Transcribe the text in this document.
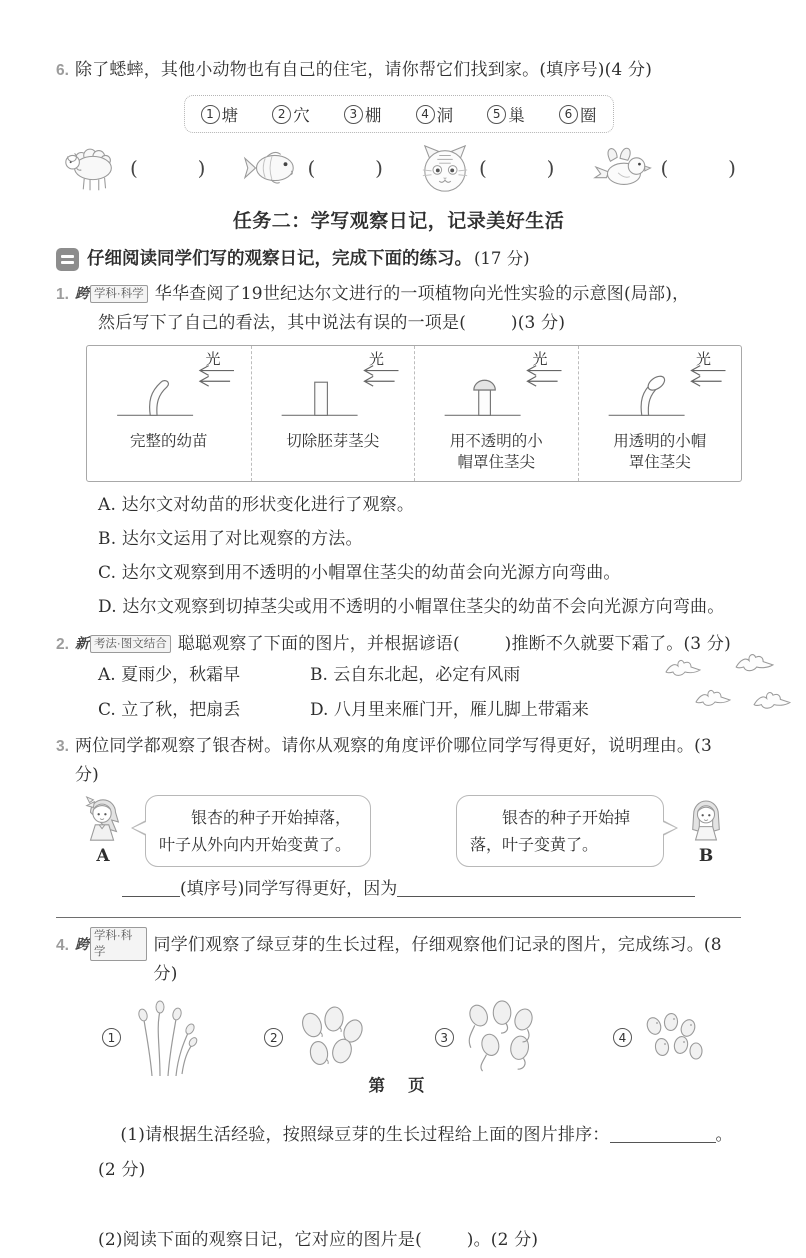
6. 除了蟋蟀，其他小动物也有自己的住宅，请你帮它们找到家。(填序号)(4 分)
1 塘	2 穴	3 棚	4 洞	5 巢	6 圈
(        )	(        )	(        )	(        )
任务二：学写观察日记，记录美好生活
仔细阅读同学们写的观察日记，完成下面的练习。 (17 分)
1. 跨 学科·科学 华华查阅了19世纪达尔文进行的一项植物向光性实验的示意图(局部)，
然后写下了自己的看法，其中说法有误的一项是(        )(3 分)
光
完整的幼苗
光
切除胚芽茎尖
光
用不透明的小帽罩住茎尖
光
用透明的小帽罩住茎尖
A. 达尔文对幼苗的形状变化进行了观察。
B. 达尔文运用了对比观察的方法。
C. 达尔文观察到用不透明的小帽罩住茎尖的幼苗会向光源方向弯曲。
D. 达尔文观察到切掉茎尖或用不透明的小帽罩住茎尖的幼苗不会向光源方向弯曲。
2. 新 考法·图文结合 聪聪观察了下面的图片，并根据谚语(        )推断不久就要下霜了。(3 分)
A. 夏雨少，秋霜早	B. 云自东北起，必定有风雨
C. 立了秋，把扇丢	D. 八月里来雁门开，雁儿脚上带霜来
3. 两位同学都观察了银杏树。请你从观察的角度评价哪位同学写得更好，说明理由。(3 分)
A
银杏的种子开始掉落，叶子从外向内开始变黄了。
银杏的种子开始掉落，叶子变黄了。
B
(填序号)同学写得更好，因为
4. 跨 学科·科学	同学们观察了绿豆芽的生长过程，仔细观察他们记录的图片，完成练习。(8 分)
1	2	3	4

(1)请根据生活经验，按照绿豆芽的生长过程给上面的图片排序：	。(2 分)

(2)阅读下面的观察日记，它对应的图片是(        )。(2 分)
第    页
